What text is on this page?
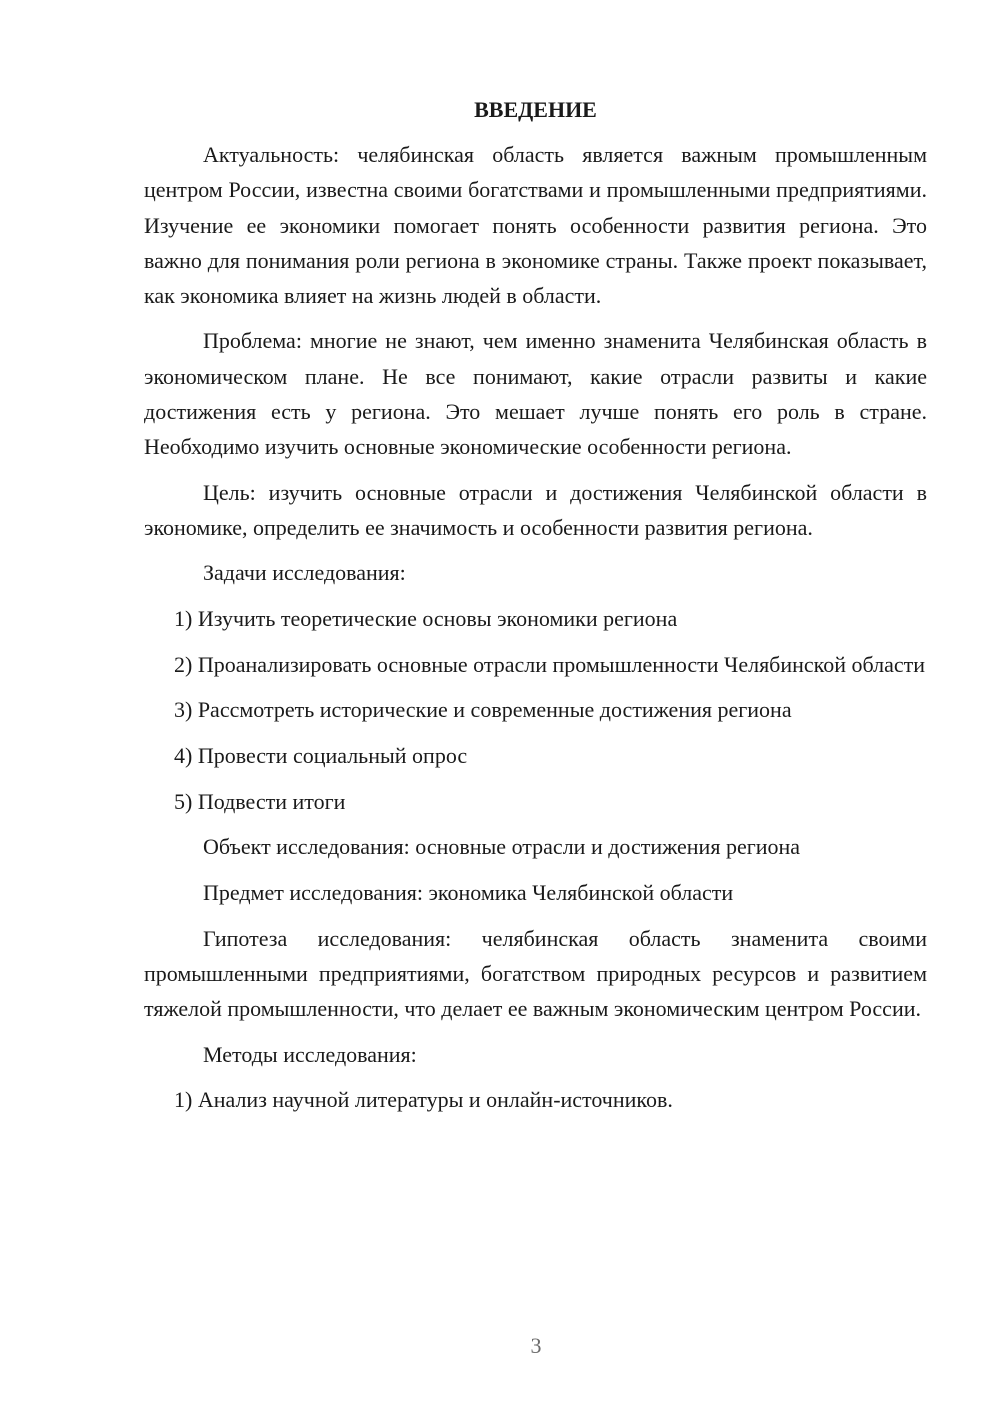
ВВЕДЕНИЕ

Актуальность: челябинская область является важным промышленным центром России, известна своими богатствами и промышленными предприятиями. Изучение ее экономики помогает понять особенности развития региона. Это важно для понимания роли региона в экономике страны. Также проект показывает, как экономика влияет на жизнь людей в области.

Проблема: многие не знают, чем именно знаменита Челябинская область в экономическом плане. Не все понимают, какие отрасли развиты и какие достижения есть у региона. Это мешает лучше понять его роль в стране. Необходимо изучить основные экономические особенности региона.

Цель: изучить основные отрасли и достижения Челябинской области в экономике, определить ее значимость и особенности развития региона.

Задачи исследования:

1) Изучить теоретические основы экономики региона

2) Проанализировать основные отрасли промышленности Челябинской области

3) Рассмотреть исторические и современные достижения региона

4) Провести социальный опрос

5) Подвести итоги

Объект исследования: основные отрасли и достижения региона

Предмет исследования: экономика Челябинской области

Гипотеза исследования: челябинская область знаменита своими промышленными предприятиями, богатством природных ресурсов и развитием тяжелой промышленности, что делает ее важным экономическим центром России.

Методы исследования:

1) Анализ научной литературы и онлайн-источников.

3
